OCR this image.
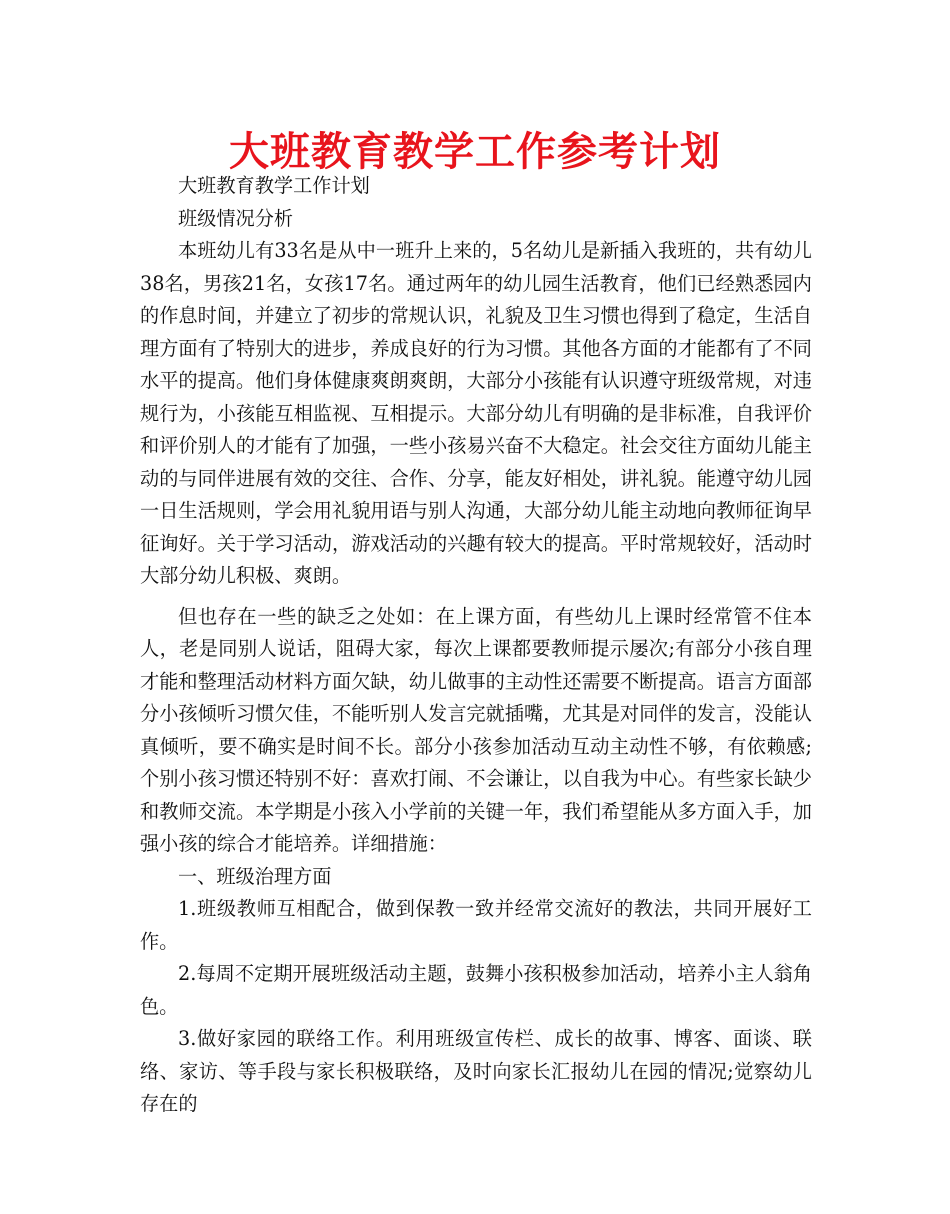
大班教育教学工作参考计划

大班教育教学工作计划

班级情况分析

本班幼儿有33名是从中一班升上来的，5名幼儿是新插入我班的，共有幼儿38名，男孩21名，女孩17名。通过两年的幼儿园生活教育，他们已经熟悉园内的作息时间，并建立了初步的常规认识，礼貌及卫生习惯也得到了稳定，生活自理方面有了特别大的进步，养成良好的行为习惯。其他各方面的才能都有了不同水平的提高。他们身体健康爽朗爽朗，大部分小孩能有认识遵守班级常规，对违规行为，小孩能互相监视、互相提示。大部分幼儿有明确的是非标准，自我评价和评价别人的才能有了加强，一些小孩易兴奋不大稳定。社会交往方面幼儿能主动的与同伴进展有效的交往、合作、分享，能友好相处，讲礼貌。能遵守幼儿园一日生活规则，学会用礼貌用语与别人沟通，大部分幼儿能主动地向教师征询早征询好。关于学习活动，游戏活动的兴趣有较大的提高。平时常规较好，活动时大部分幼儿积极、爽朗。

但也存在一些的缺乏之处如：在上课方面，有些幼儿上课时经常管不住本人，老是同别人说话，阻碍大家，每次上课都要教师提示屡次;有部分小孩自理才能和整理活动材料方面欠缺，幼儿做事的主动性还需要不断提高。语言方面部分小孩倾听习惯欠佳，不能听别人发言完就插嘴，尤其是对同伴的发言，没能认真倾听，要不确实是时间不长。部分小孩参加活动互动主动性不够，有依赖感;个别小孩习惯还特别不好：喜欢打闹、不会谦让，以自我为中心。有些家长缺少和教师交流。本学期是小孩入小学前的关键一年，我们希望能从多方面入手，加强小孩的综合才能培养。详细措施：

一、班级治理方面

1.班级教师互相配合，做到保教一致并经常交流好的教法，共同开展好工作。

2.每周不定期开展班级活动主题，鼓舞小孩积极参加活动，培养小主人翁角色。

3.做好家园的联络工作。利用班级宣传栏、成长的故事、博客、面谈、联络、家访、等手段与家长积极联络，及时向家长汇报幼儿在园的情况;觉察幼儿存在的
